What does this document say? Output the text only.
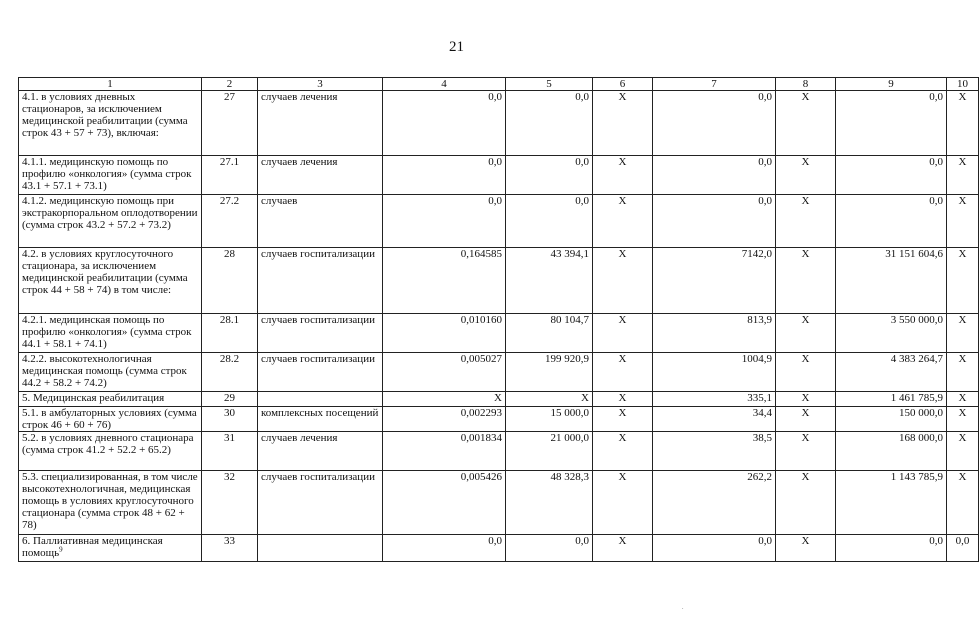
21
1	2	3	4	5	6	7	8	9	10
4.1. в условиях дневных стационаров, за исключением медицинской реабилитации (сумма строк 43 + 57 + 73), включая:	27	случаев лечения	0,0	0,0	Х	0,0	Х	0,0	Х
4.1.1. медицинскую помощь по профилю «онкология» (сумма строк 43.1 + 57.1 + 73.1)	27.1	случаев лечения	0,0	0,0	Х	0,0	Х	0,0	Х
4.1.2. медицинскую помощь при экстракорпоральном оплодотворении (сумма строк 43.2 + 57.2 + 73.2)	27.2	случаев	0,0	0,0	Х	0,0	Х	0,0	Х
4.2. в условиях круглосуточного стационара, за исключением медицинской реабилитации (сумма строк 44 + 58 + 74) в том числе:	28	случаев госпитализации	0,164585	43 394,1	Х	7142,0	Х	31 151 604,6	Х
4.2.1. медицинская помощь по профилю «онкология» (сумма строк 44.1 + 58.1 + 74.1)	28.1	случаев госпитализации	0,010160	80 104,7	Х	813,9	Х	3 550 000,0	Х
4.2.2. высокотехнологичная медицинская помощь (сумма строк 44.2 + 58.2 + 74.2)	28.2	случаев госпитализации	0,005027	199 920,9	Х	1004,9	Х	4 383 264,7	Х
5. Медицинская реабилитация	29		Х	Х	Х	335,1	Х	1 461 785,9	Х
5.1. в амбулаторных условиях (сумма строк 46 + 60 + 76)	30	комплексных посещений	0,002293	15 000,0	Х	34,4	Х	150 000,0	Х
5.2. в условиях дневного стационара (сумма строк 41.2 + 52.2 + 65.2)	31	случаев лечения	0,001834	21 000,0	Х	38,5	Х	168 000,0	Х
5.3. специализированная, в том числе высокотехнологичная, медицинская помощь в условиях круглосуточного стационара (сумма строк 48 + 62 + 78)	32	случаев госпитализации	0,005426	48 328,3	Х	262,2	Х	1 143 785,9	Х
6. Паллиативная медицинская помощь$^9$	33		0,0	0,0	Х	0,0	Х	0,0	0,0
.
